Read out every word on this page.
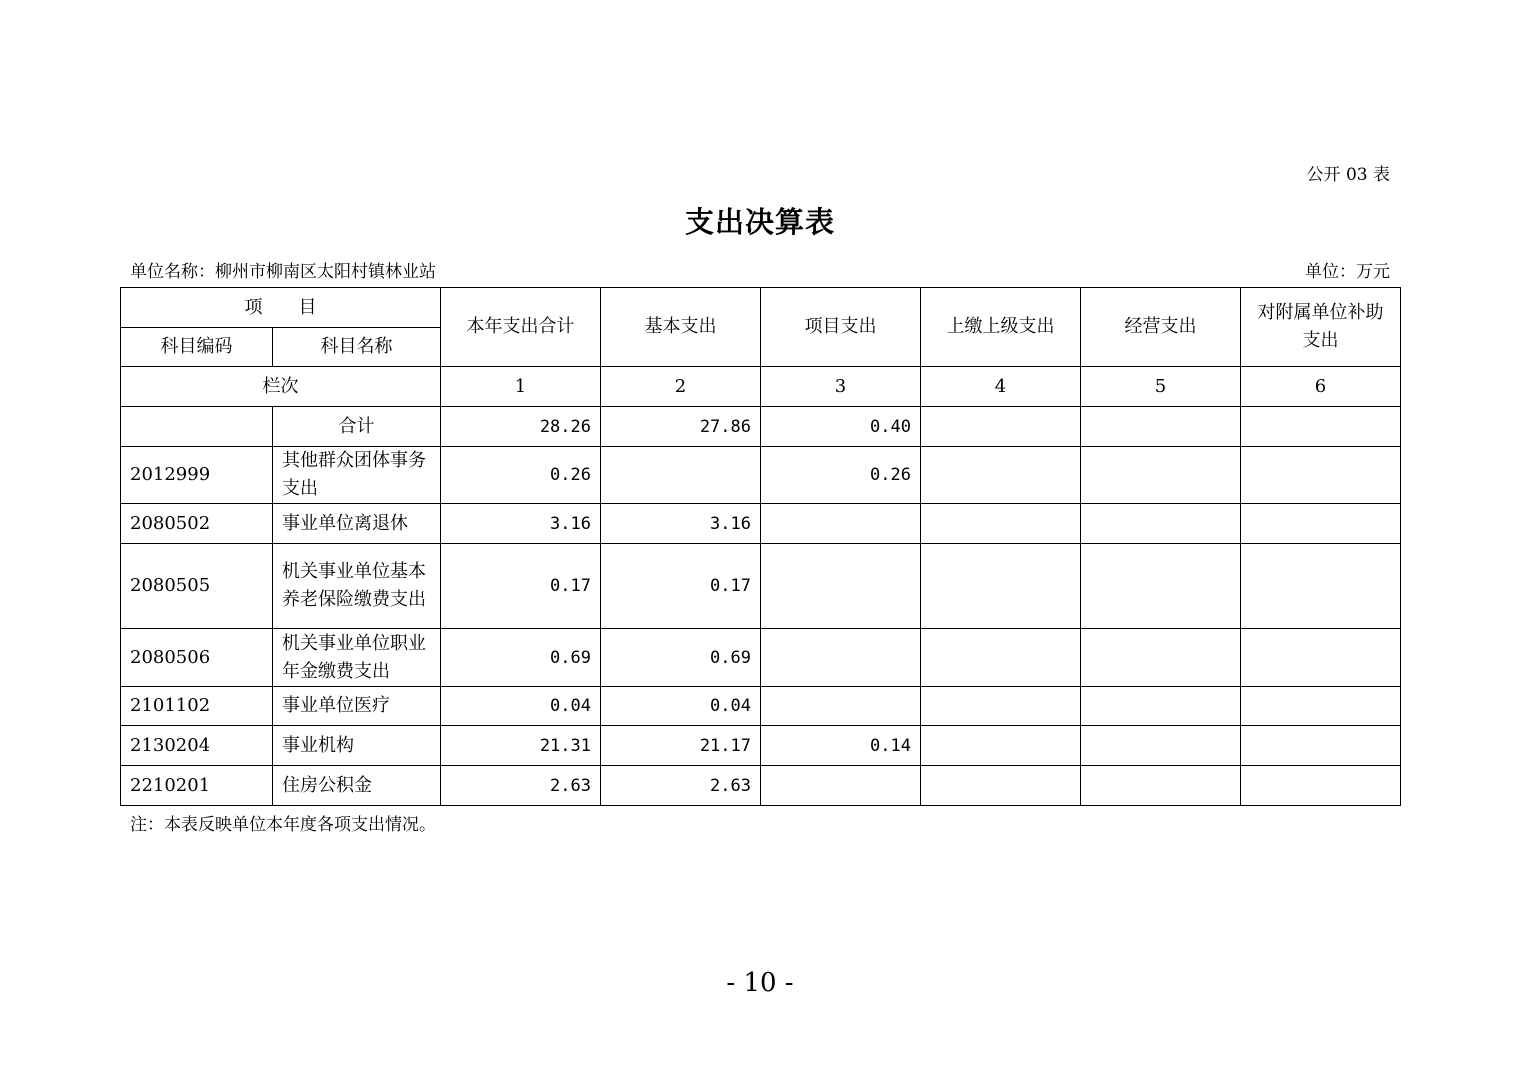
公开 03 表
支出决算表
单位名称：柳州市柳南区太阳村镇林业站	单位：万元
项　　目		本年支出合计	基本支出	项目支出	上缴上级支出	经营支出	对附属单位补助支出
科目编码	科目名称						
栏次		1	2	3	4	5	6
	合计	28.26	27.86	0.40			
2012999	其他群众团体事务支出	0.26		0.26			
2080502	事业单位离退休	3.16	3.16				
2080505	机关事业单位基本养老保险缴费支出	0.17	0.17				
2080506	机关事业单位职业年金缴费支出	0.69	0.69				
2101102	事业单位医疗	0.04	0.04				
2130204	事业机构	21.31	21.17	0.14			
2210201	住房公积金	2.63	2.63				
注：本表反映单位本年度各项支出情况。
- 10 -
